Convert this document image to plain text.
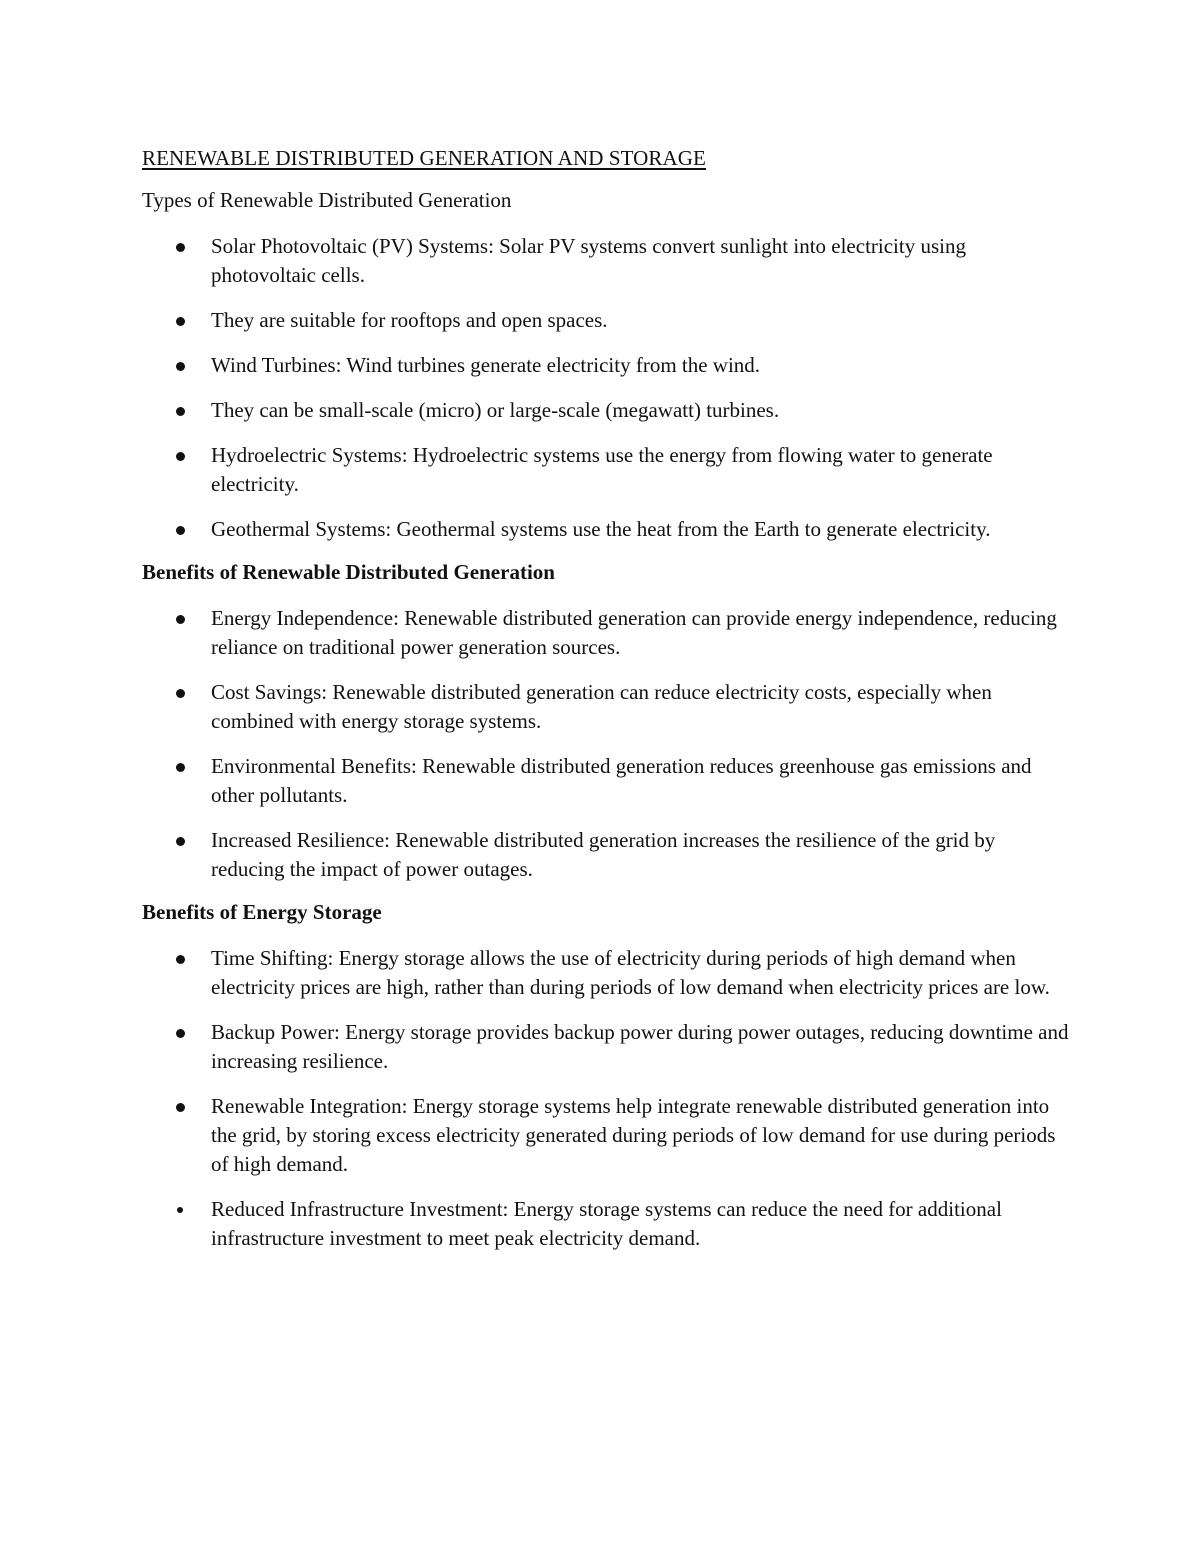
RENEWABLE DISTRIBUTED GENERATION AND STORAGE
Types of Renewable Distributed Generation
Solar Photovoltaic (PV) Systems: Solar PV systems convert sunlight into electricity using photovoltaic cells.
They are suitable for rooftops and open spaces.
Wind Turbines: Wind turbines generate electricity from the wind.
They can be small-scale (micro) or large-scale (megawatt) turbines.
Hydroelectric Systems: Hydroelectric systems use the energy from flowing water to generate electricity.
Geothermal Systems: Geothermal systems use the heat from the Earth to generate electricity.
Benefits of Renewable Distributed Generation
Energy Independence: Renewable distributed generation can provide energy independence, reducing reliance on traditional power generation sources.
Cost Savings: Renewable distributed generation can reduce electricity costs, especially when combined with energy storage systems.
Environmental Benefits: Renewable distributed generation reduces greenhouse gas emissions and other pollutants.
Increased Resilience: Renewable distributed generation increases the resilience of the grid by reducing the impact of power outages.
Benefits of Energy Storage
Time Shifting: Energy storage allows the use of electricity during periods of high demand when electricity prices are high, rather than during periods of low demand when electricity prices are low.
Backup Power: Energy storage provides backup power during power outages, reducing downtime and increasing resilience.
Renewable Integration: Energy storage systems help integrate renewable distributed generation into the grid, by storing excess electricity generated during periods of low demand for use during periods of high demand.
Reduced Infrastructure Investment: Energy storage systems can reduce the need for additional infrastructure investment to meet peak electricity demand.
